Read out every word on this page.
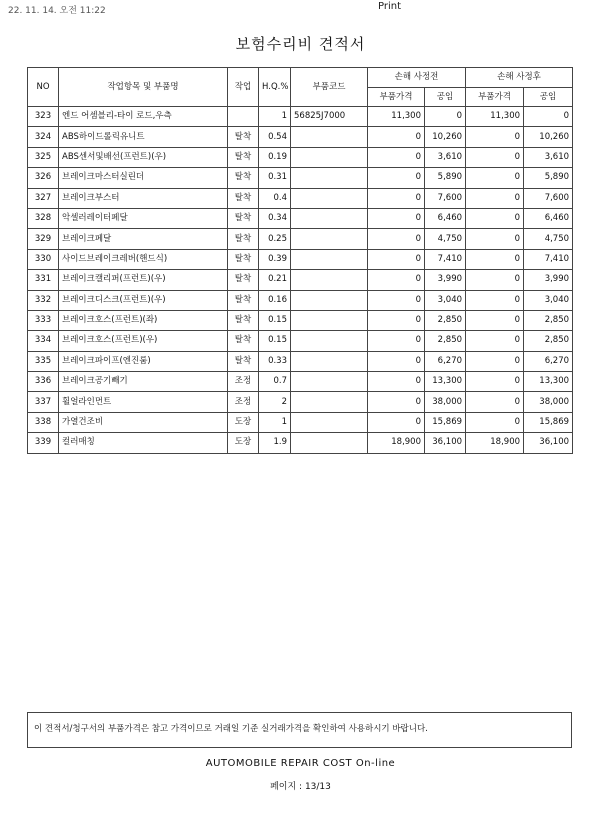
22. 11. 14. 오전 11:22	Print
보험수리비 견적서
NO	작업항목 및 부품명	작업	H.Q.%	부품코드	손해 사정전		손해 사정후	
					부품가격	공임	부품가격	공임
323	엔드 어셈블리-타이 로드,우측		1	56825J7000	11,300	0	11,300	0
324	ABS하이드롤릭유니트	탈착	0.54		0	10,260	0	10,260
325	ABS센서및배선(프런트)(우)	탈착	0.19		0	3,610	0	3,610
326	브레이크마스터실린더	탈착	0.31		0	5,890	0	5,890
327	브레이크부스터	탈착	0.4		0	7,600	0	7,600
328	악셀러레이터페달	탈착	0.34		0	6,460	0	6,460
329	브레이크페달	탈착	0.25		0	4,750	0	4,750
330	사이드브레이크레버(핸드식)	탈착	0.39		0	7,410	0	7,410
331	브레이크캘리퍼(프런트)(우)	탈착	0.21		0	3,990	0	3,990
332	브레이크디스크(프런트)(우)	탈착	0.16		0	3,040	0	3,040
333	브레이크호스(프런트)(좌)	탈착	0.15		0	2,850	0	2,850
334	브레이크호스(프런트)(우)	탈착	0.15		0	2,850	0	2,850
335	브레이크파이프(엔진룸)	탈착	0.33		0	6,270	0	6,270
336	브레이크공기빼기	조정	0.7		0	13,300	0	13,300
337	휠얼라인먼트	조정	2		0	38,000	0	38,000
338	가열건조비	도장	1		0	15,869	0	15,869
339	컬러매칭	도장	1.9		18,900	36,100	18,900	36,100
이 견적서/청구서의 부품가격은 참고 가격이므로 거래일 기준 실거래가격을 확인하여 사용하시기 바랍니다.
AUTOMOBILE REPAIR COST On-line
페이지 : 13/13
